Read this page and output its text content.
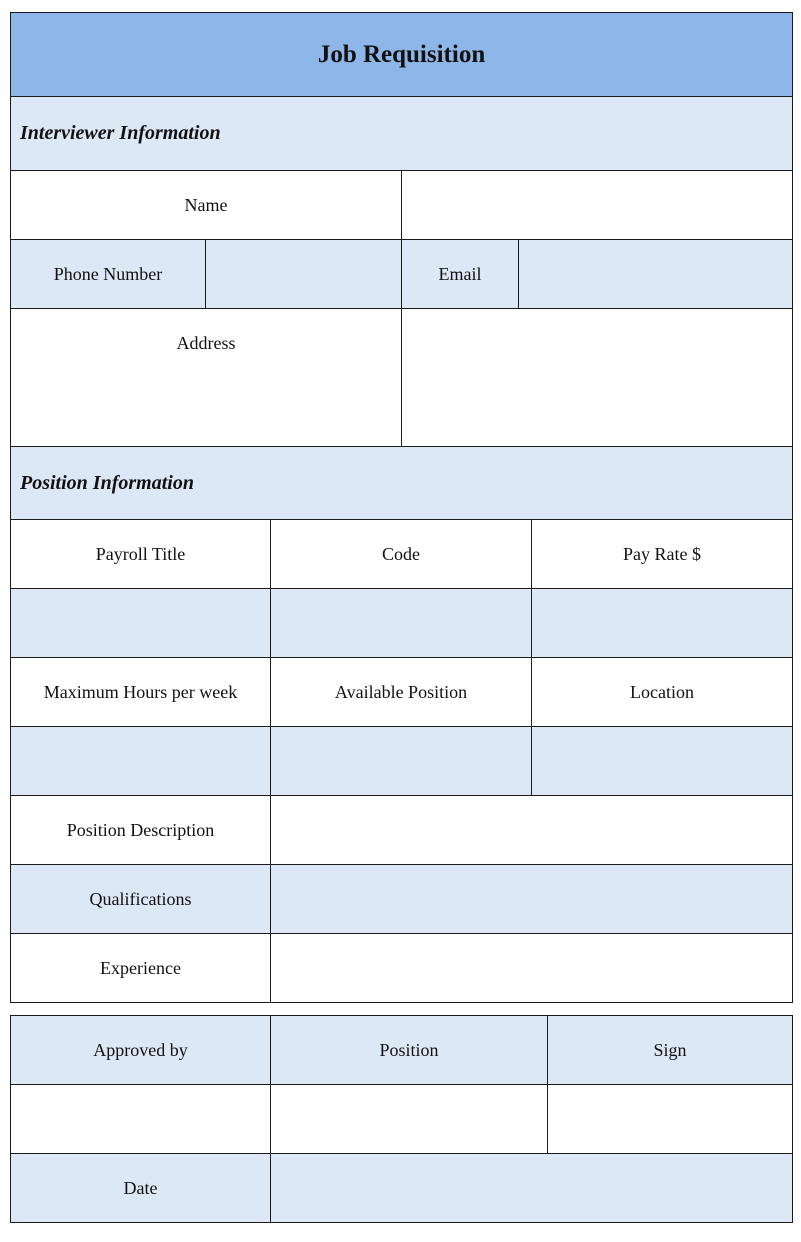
Job Requisition					
Interviewer Information					
Name					
Phone Number			Email		
Address					
Position Information					
Payroll Title		Code			Pay Rate $

Maximum Hours per week		Available Position			Location

Position Description					
Qualifications					
Experience					
Approved by	Position	Sign

Date		
